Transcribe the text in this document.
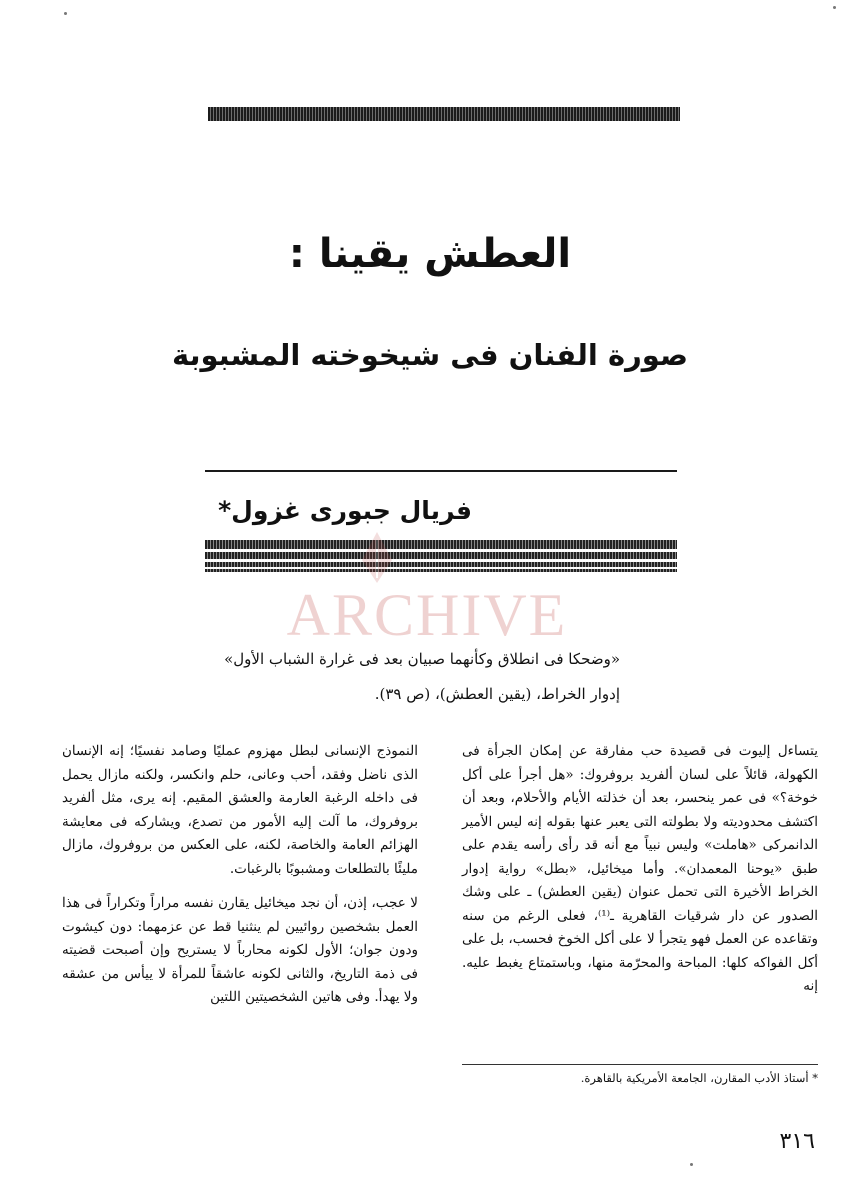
العطش يقينا :
صورة الفنان فى شيخوخته المشبوبة
فريال جبورى غزول*
ARCHIVE
«وضحكا فى انطلاق وكأنهما صبيان بعد فى غرارة الشباب الأول»
إدوار الخراط، (يقين العطش)، (ص ٣٩).

يتساءل إليوت فى قصيدة حب مفارقة عن إمكان الجرأة فى الكهولة، قائلاً على لسان ألفريد بروفروك: «هل أجرأ على أكل خوخة؟» فى عمر ينحسر، بعد أن خذلته الأيام والأحلام، وبعد أن اكتشف محدوديته ولا بطولته التى يعبر عنها بقوله إنه ليس الأمير الدانمركى «هاملت» وليس نبياً مع أنه قد رأى رأسه يقدم على طبق «يوحنا المعمدان». وأما ميخائيل، «بطل» رواية إدوار الخراط الأخيرة التى تحمل عنوان (يقين العطش) ـ على وشك الصدور عن دار شرقيات القاهرية ـ⁽¹⁾، فعلى الرغم من سنه وتقاعده عن العمل فهو يتجرأ لا على أكل الخوخ فحسب، بل على أكل الفواكه كلها: المباحة والمحرّمة منها، وباستمتاع يغبط عليه. إنه

النموذج الإنسانى لبطل مهزوم عمليًا وصامد نفسيًا؛ إنه الإنسان الذى ناضل وفقد، أحب وعانى، حلم وانكسر، ولكنه مازال يحمل فى داخله الرغبة العارمة والعشق المقيم. إنه يرى، مثل ألفريد بروفروك، ما آلت إليه الأمور من تصدع، ويشاركه فى معايشة الهزائم العامة والخاصة، لكنه، على العكس من بروفروك، مازال مليئًا بالتطلعات ومشبوبًا بالرغبات.

لا عجب، إذن، أن نجد ميخائيل يقارن نفسه مراراً وتكراراً فى هذا العمل بشخصين روائيين لم ينثنيا قط عن عزمهما: دون كيشوت ودون جوان؛ الأول لكونه محارباً لا يستريح وإن أصبحت قضيته فى ذمة التاريخ، والثانى لكونه عاشقاً للمرأة لا ييأس من عشقه ولا يهدأ. وفى هاتين الشخصيتين اللتين

* أستاذ الأدب المقارن، الجامعة الأمريكية بالقاهرة.
٣١٦
